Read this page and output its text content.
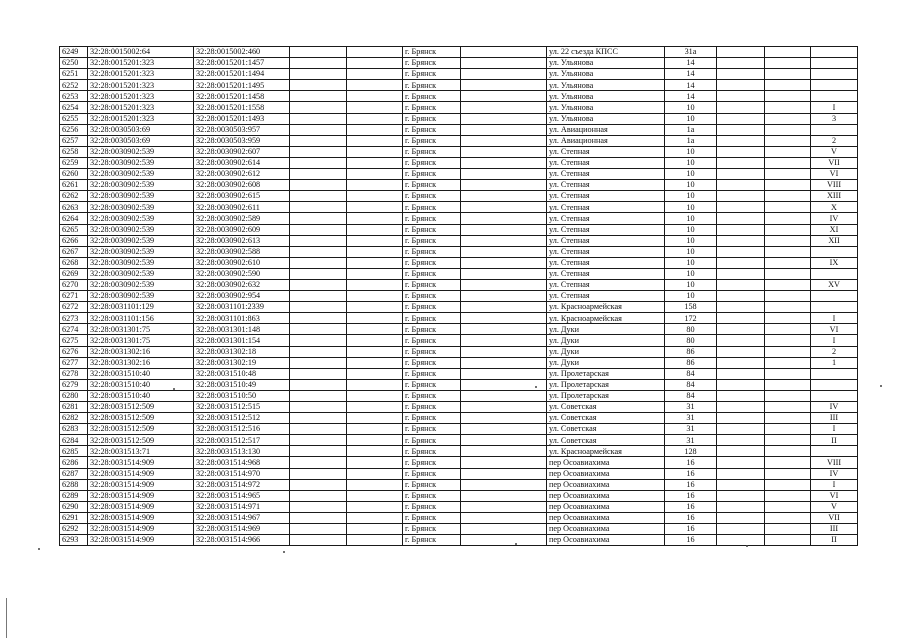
6249	32:28:0015002:64	32:28:0015002:460			г. Брянск		ул. 22 съезда КПСС	31а			
6250	32:28:0015201:323	32:28:0015201:1457			г. Брянск		ул. Ульянова	14			
6251	32:28:0015201:323	32:28:0015201:1494			г. Брянск		ул. Ульянова	14			
6252	32:28:0015201:323	32:28:0015201:1495			г. Брянск		ул. Ульянова	14			
6253	32:28:0015201:323	32:28:0015201:1458			г. Брянск		ул. Ульянова	14			
6254	32:28:0015201:323	32:28:0015201:1558			г. Брянск		ул. Ульянова	10			I
6255	32:28:0015201:323	32:28:0015201:1493			г. Брянск		ул. Ульянова	10			3
6256	32:28:0030503:69	32:28:0030503:957			г. Брянск		ул. Авиационная	1а			
6257	32:28:0030503:69	32:28:0030503:959			г. Брянск		ул. Авиационная	1а			2
6258	32:28:0030902:539	32:28:0030902:607			г. Брянск		ул. Степная	10			V
6259	32:28:0030902:539	32:28:0030902:614			г. Брянск		ул. Степная	10			VII
6260	32:28:0030902:539	32:28:0030902:612			г. Брянск		ул. Степная	10			VI
6261	32:28:0030902:539	32:28:0030902:608			г. Брянск		ул. Степная	10			VIII
6262	32:28:0030902:539	32:28:0030902:615			г. Брянск		ул. Степная	10			XIII
6263	32:28:0030902:539	32:28:0030902:611			г. Брянск		ул. Степная	10			X
6264	32:28:0030902:539	32:28:0030902:589			г. Брянск		ул. Степная	10			IV
6265	32:28:0030902:539	32:28:0030902:609			г. Брянск		ул. Степная	10			XI
6266	32:28:0030902:539	32:28:0030902:613			г. Брянск		ул. Степная	10			XII
6267	32:28:0030902:539	32:28:0030902:588			г. Брянск		ул. Степная	10			
6268	32:28:0030902:539	32:28:0030902:610			г. Брянск		ул. Степная	10			IX
6269	32:28:0030902:539	32:28:0030902:590			г. Брянск		ул. Степная	10			
6270	32:28:0030902:539	32:28:0030902:632			г. Брянск		ул. Степная	10			XV
6271	32:28:0030902:539	32:28:0030902:954			г. Брянск		ул. Степная	10			
6272	32:28:0031101:129	32:28:0031101:2339			г. Брянск		ул. Красноармейская	158			
6273	32:28:0031101:156	32:28:0031101:863			г. Брянск		ул. Красноармейская	172			I
6274	32:28:0031301:75	32:28:0031301:148			г. Брянск		ул. Дуки	80			VI
6275	32:28:0031301:75	32:28:0031301:154			г. Брянск		ул. Дуки	80			I
6276	32:28:0031302:16	32:28:0031302:18			г. Брянск		ул. Дуки	86			2
6277	32:28:0031302:16	32:28:0031302:19			г. Брянск		ул. Дуки	86			1
6278	32:28:0031510:40	32:28:0031510:48			г. Брянск		ул. Пролетарская	84			
6279	32:28:0031510:40	32:28:0031510:49			г. Брянск		ул. Пролетарская	84			
6280	32:28:0031510:40	32:28:0031510:50			г. Брянск		ул. Пролетарская	84			
6281	32:28:0031512:509	32:28:0031512:515			г. Брянск		ул. Советская	31			IV
6282	32:28:0031512:509	32:28:0031512:512			г. Брянск		ул. Советская	31			III
6283	32:28:0031512:509	32:28:0031512:516			г. Брянск		ул. Советская	31			I
6284	32:28:0031512:509	32:28:0031512:517			г. Брянск		ул. Советская	31			II
6285	32:28:0031513:71	32:28:0031513:130			г. Брянск		ул. Красноармейская	128			
6286	32:28:0031514:909	32:28:0031514:968			г. Брянск		пер Осоавиахима	16			VIII
6287	32:28:0031514:909	32:28:0031514:970			г. Брянск		пер Осоавиахима	16			IV
6288	32:28:0031514:909	32:28:0031514:972			г. Брянск		пер Осоавиахима	16			I
6289	32:28:0031514:909	32:28:0031514:965			г. Брянск		пер Осоавиахима	16			VI
6290	32:28:0031514:909	32:28:0031514:971			г. Брянск		пер Осоавиахима	16			V
6291	32:28:0031514:909	32:28:0031514:967			г. Брянск		пер Осоавиахима	16			VII
6292	32:28:0031514:909	32:28:0031514:969			г. Брянск		пер Осоавиахима	16			III
6293	32:28:0031514:909	32:28:0031514:966			г. Брянск		пер Осоавиахима	16			II
